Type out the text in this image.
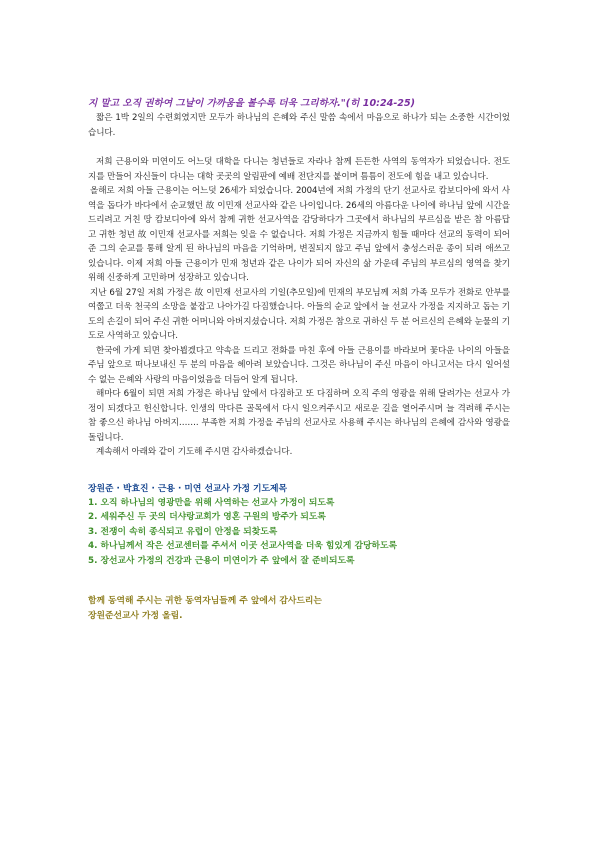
지 말고 오직 권하여 그날이 가까움을 볼수록 더욱 그리하자."(히 10:24-25)

짧은 1박 2일의 수련회였지만 모두가 하나님의 은혜와 주신 말씀 속에서 마음으로 하나가 되는 소중한 시간이었습니다.

저희 근용이와 미연이도 어느덧 대학을 다니는 청년들로 자라나 참께 든든한 사역의 동역자가 되었습니다. 전도지를 만들어 자신들이 다니는 대학 곳곳의 알림판에 예배 전단지를 붙이며 틈틈이 전도에 힘을 내고 있습니다.

올해로 저희 아들 근용이는 어느덧 26세가 되었습니다. 2004년에 저희 가정의 단기 선교사로 캄보디아에 와서 사역을 돕다가 바다에서 순교했던 故 이민재 선교사와 같은 나이입니다. 26세의 아름다운 나이에 하나님 앞에 시간을 드리려고 거친 땅 캄보디아에 와서 참께 귀한 선교사역을 감당하다가 그곳에서 하나님의 부르심을 받은 참 아름답고 귀한 청년 故 이민재 선교사를 저희는 잊을 수 없습니다. 저희 가정은 지금까지 힘들 때마다 선교의 동력이 되어준 그의 순교를 통해 알게 된 하나님의 마음을 기억하며, 변질되지 않고 주님 앞에서 충성스러운 종이 되려 애쓰고 있습니다. 이제 저희 아들 근용이가 민재 청년과 같은 나이가 되어 자신의 삶 가운데 주님의 부르심의 영역을 찾기 위해 신중하게 고민하며 성장하고 있습니다.

지난 6월 27일 저희 가정은 故 이민재 선교사의 기일(추모일)에 민재의 부모님께 저희 가족 모두가 전화로 안부를 여쭙고 더욱 천국의 소망을 붙잡고 나아가길 다짐했습니다. 아들의 순교 앞에서 늘 선교사 가정을 지지하고 돕는 기도의 손길이 되어 주신 귀한 어머니와 아버지셨습니다. 저희 가정은 참으로 귀하신 두 분 어르신의 은혜와 눈물의 기도로 사역하고 있습니다.

한국에 가게 되면 찾아뵙겠다고 약속을 드리고 전화를 마친 후에 아들 근용이를 바라보며 꽃다운 나이의 아들을 주님 앞으로 떠나보내신 두 분의 마음을 헤아려 보았습니다. 그것은 하나님이 주신 마음이 아니고서는 다시 일어설 수 없는 은혜와 사랑의 마음이었음을 더듬어 알게 됩니다.

해마다 6월이 되면 저희 가정은 하나님 앞에서 다짐하고 또 다짐하며 오직 주의 영광을 위해 달려가는 선교사 가정이 되겠다고 헌신합니다. 인생의 막다른 골목에서 다시 일으켜주시고 새로운 길을 열어주시며 늘 격려해 주시는 참 좋으신 하나님 아버지……. 부족한 저희 가정을 주님의 선교사로 사용해 주시는 하나님의 은혜에 감사와 영광을 돌립니다.

계속해서 아래와 같이 기도해 주시면 감사하겠습니다.

장원준 · 박효진 · 근용 · 미연 선교사 가정 기도제목
1. 오직 하나님의 영광만을 위해 사역하는 선교사 가정이 되도록
2. 세워주신 두 곳의 더샤랑교회가 영혼 구원의 방주가 되도록
3. 전쟁이 속히 종식되고 유럽이 안정을 되찾도록
4. 하나님께서 작은 선교센터를 주셔서 이곳 선교사역을 더욱 힘있게 감당하도록
5. 장선교사 가정의 건강과 근용이 미연이가 주 앞에서 잘 준비되도록
함께 동역해 주시는 귀한 동역자님들께 주 앞에서 감사드리는
장원준선교사 가정 올림.
